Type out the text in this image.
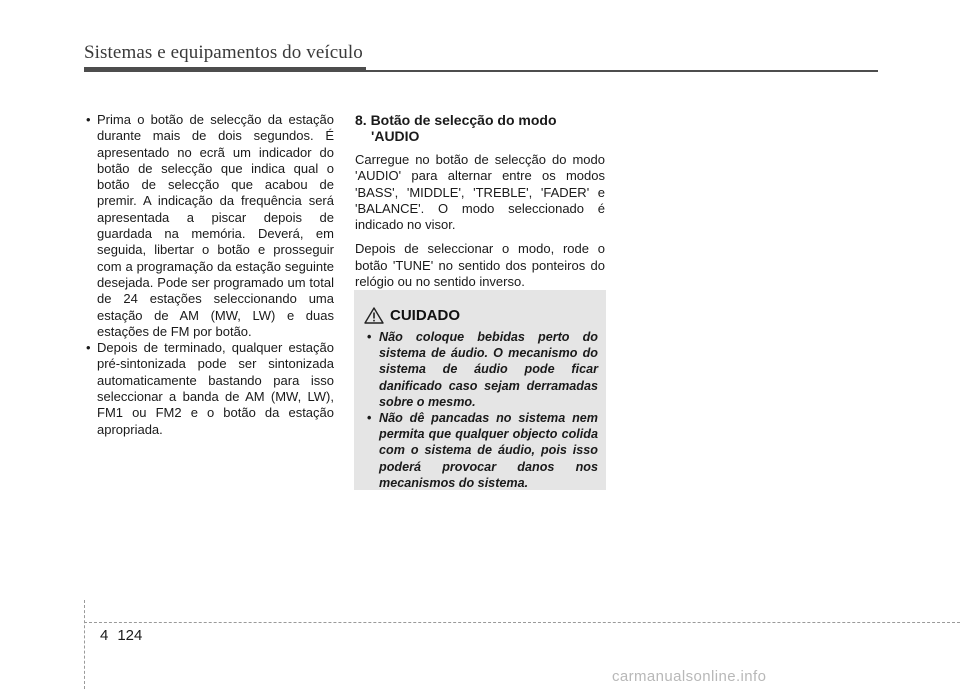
Sistemas e equipamentos do veículo
• Prima o botão de selecção da estação durante mais de dois segundos. É apresentado no ecrã um indicador do botão de selecção que indica qual o botão de selecção que acabou de premir. A indicação da frequência será apresentada a piscar depois de guardada na memória. Deverá, em seguida, libertar o botão e prosseguir com a programação da estação seguinte desejada. Pode ser programado um total de 24 estações seleccionando uma estação de AM (MW, LW) e duas estações de FM por botão.
• Depois de terminado, qualquer estação pré-sintonizada pode ser sintonizada automaticamente bastando para isso seleccionar a banda de AM (MW, LW), FM1 ou FM2 e o botão da estação apropriada.
8. Botão de selecção do modo
'AUDIO

Carregue no botão de selecção do modo 'AUDIO' para alternar entre os modos 'BASS', 'MIDDLE', 'TREBLE', 'FADER' e 'BALANCE'. O modo seleccionado é indicado no visor.

Depois de seleccionar o modo, rode o botão 'TUNE' no sentido dos ponteiros do relógio ou no sentido inverso.

CUIDADO
• Não coloque bebidas perto do sistema de áudio. O mecanismo do sistema de áudio pode ficar danificado caso sejam derramadas sobre o mesmo.
• Não dê pancadas no sistema nem permita que qualquer objecto colida com o sistema de áudio, pois isso poderá provocar danos nos mecanismos do sistema.
4 124
carmanualsonline.info
